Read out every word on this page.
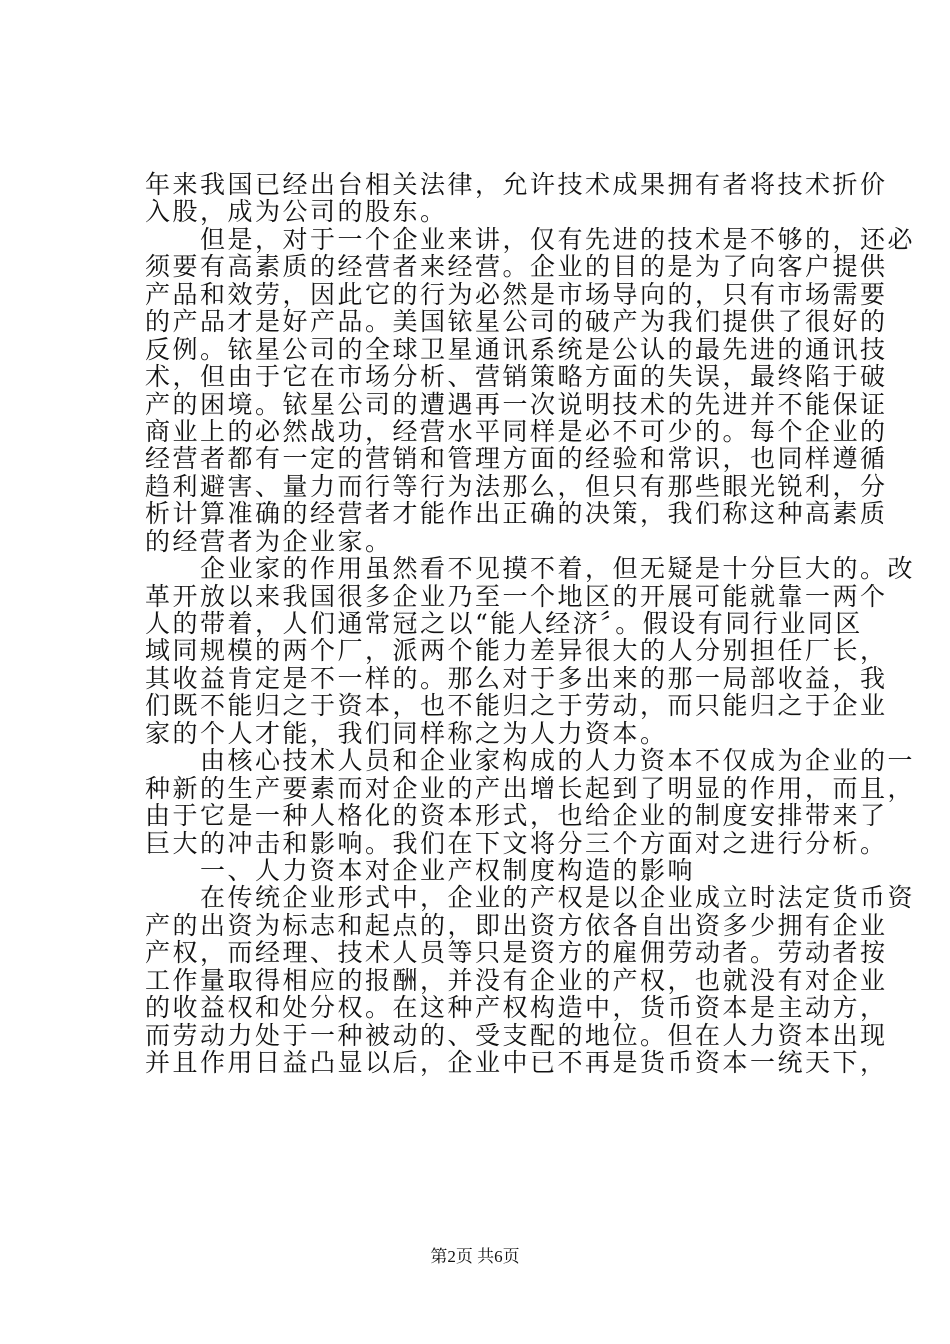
年来我国已经出台相关法律，允许技术成果拥有者将技术折价
入股，成为公司的股东。
但是，对于一个企业来讲，仅有先进的技术是不够的，还必
须要有高素质的经营者来经营。企业的目的是为了向客户提供
产品和效劳，因此它的行为必然是市场导向的，只有市场需要
的产品才是好产品。美国铱星公司的破产为我们提供了很好的
反例。铱星公司的全球卫星通讯系统是公认的最先进的通讯技
术，但由于它在市场分析、营销策略方面的失误，最终陷于破
产的困境。铱星公司的遭遇再一次说明技术的先进并不能保证
商业上的必然战功，经营水平同样是必不可少的。每个企业的
经营者都有一定的营销和管理方面的经验和常识，也同样遵循
趋利避害、量力而行等行为法那么，但只有那些眼光锐利，分
析计算准确的经营者才能作出正确的决策，我们称这种高素质
的经营者为企业家。
企业家的作用虽然看不见摸不着，但无疑是十分巨大的。改
革开放以来我国很多企业乃至一个地区的开展可能就靠一两个
人的带着，人们通常冠之以“能人经济〞。假设有同行业同区
域同规模的两个厂，派两个能力差异很大的人分别担任厂长，
其收益肯定是不一样的。那么对于多出来的那一局部收益，我
们既不能归之于资本，也不能归之于劳动，而只能归之于企业
家的个人才能，我们同样称之为人力资本。
由核心技术人员和企业家构成的人力资本不仅成为企业的一
种新的生产要素而对企业的产出增长起到了明显的作用，而且，
由于它是一种人格化的资本形式，也给企业的制度安排带来了
巨大的冲击和影响。我们在下文将分三个方面对之进行分析。
一、人力资本对企业产权制度构造的影响
在传统企业形式中，企业的产权是以企业成立时法定货币资
产的出资为标志和起点的，即出资方依各自出资多少拥有企业
产权，而经理、技术人员等只是资方的雇佣劳动者。劳动者按
工作量取得相应的报酬，并没有企业的产权，也就没有对企业
的收益权和处分权。在这种产权构造中，货币资本是主动方，
而劳动力处于一种被动的、受支配的地位。但在人力资本出现
并且作用日益凸显以后，企业中已不再是货币资本一统天下，
第2页 共6页
